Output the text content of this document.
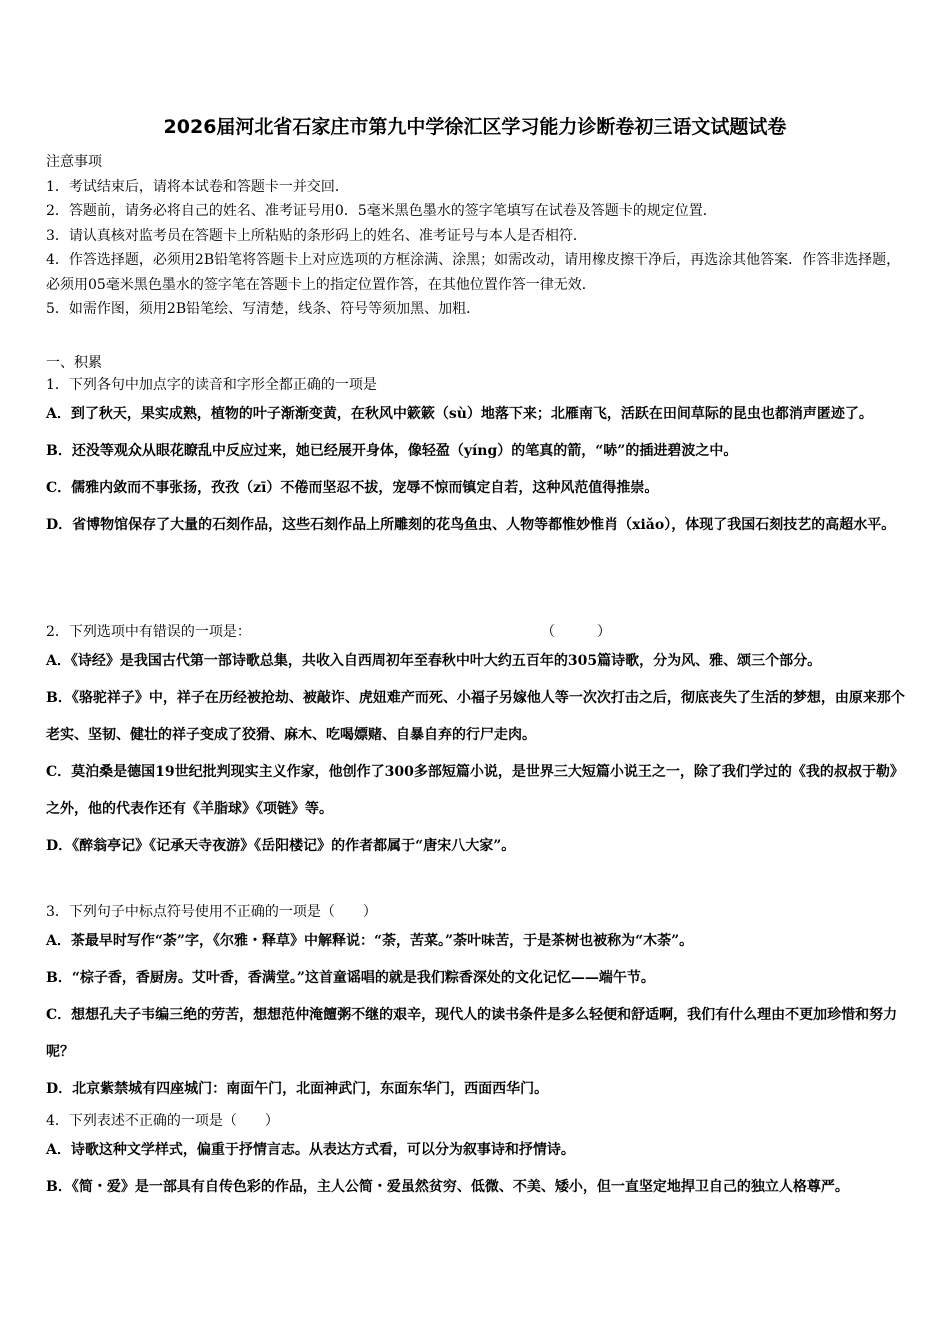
2026届河北省石家庄市第九中学徐汇区学习能力诊断卷初三语文试题试卷

注意事项

1．考试结束后，请将本试卷和答题卡一并交回．

2．答题前，请务必将自己的姓名、准考证号用0．5毫米黑色墨水的签字笔填写在试卷及答题卡的规定位置．

3．请认真核对监考员在答题卡上所粘贴的条形码上的姓名、准考证号与本人是否相符．

4．作答选择题，必须用2B铅笔将答题卡上对应选项的方框涂满、涂黑；如需改动，请用橡皮擦干净后，再选涂其他答案．作答非选择题，必须用05毫米黑色墨水的签字笔在答题卡上的指定位置作答，在其他位置作答一律无效．

5．如需作图，须用2B铅笔绘、写清楚，线条、符号等须加黑、加粗．

一、积累

1．下列各句中加点字的读音和字形全都正确的一项是

A．到了秋天，果实成熟，植物的叶子渐渐变黄，在秋风中簌簌（sù）地落下来；北雁南飞，活跃在田间草际的昆虫也都消声匿迹了。

B．还没等观众从眼花瞭乱中反应过来，她已经展开身体，像轻盈（yíng）的笔真的箭，“哧”的插进碧波之中。

C．儒雅内敛而不事张扬，孜孜（zī）不倦而坚忍不拔，宠辱不惊而镇定自若，这种风范值得推崇。

D．省博物馆保存了大量的石刻作品，这些石刻作品上所雕刻的花鸟鱼虫、人物等都惟妙惟肖（xiǎo），体现了我国石刻技艺的高超水平。

2．下列选项中有错误的一项是：	（　　　）

A．《诗经》是我国古代第一部诗歌总集，共收入自西周初年至春秋中叶大约五百年的305篇诗歌，分为风、雅、颂三个部分。

B．《骆驼祥子》中，祥子在历经被抢劫、被敲诈、虎妞难产而死、小福子另嫁他人等一次次打击之后，彻底丧失了生活的梦想，由原来那个老实、坚韧、健壮的祥子变成了狡猾、麻木、吃喝嫖赌、自暴自弃的行尸走肉。

C．莫泊桑是德国19世纪批判现实主义作家，他创作了300多部短篇小说，是世界三大短篇小说王之一，除了我们学过的《我的叔叔于勒》之外，他的代表作还有《羊脂球》《项链》等。

D．《醉翁亭记》《记承天寺夜游》《岳阳楼记》的作者都属于“唐宋八大家”。

3．下列句子中标点符号使用不正确的一项是（　　）

A．茶最早时写作“荼”字，《尔雅・释草》中解释说：“荼，苦菜。”荼叶味苦，于是茶树也被称为“木荼”。

B．“棕子香，香厨房。艾叶香，香满堂。”这首童谣唱的就是我们粽香深处的文化记忆——端午节。

C．想想孔夫子韦编三绝的劳苦，想想范仲淹饘粥不继的艰辛，现代人的读书条件是多么轻便和舒适啊，我们有什么理由不更加珍惜和努力呢？

D．北京紫禁城有四座城门：南面午门，北面神武门，东面东华门，西面西华门。

4．下列表述不正确的一项是（　　）

A．诗歌这种文学样式，偏重于抒情言志。从表达方式看，可以分为叙事诗和抒情诗。

B．《简・爱》是一部具有自传色彩的作品，主人公简・爱虽然贫穷、低微、不美、矮小，但一直坚定地捍卫自己的独立人格尊严。
